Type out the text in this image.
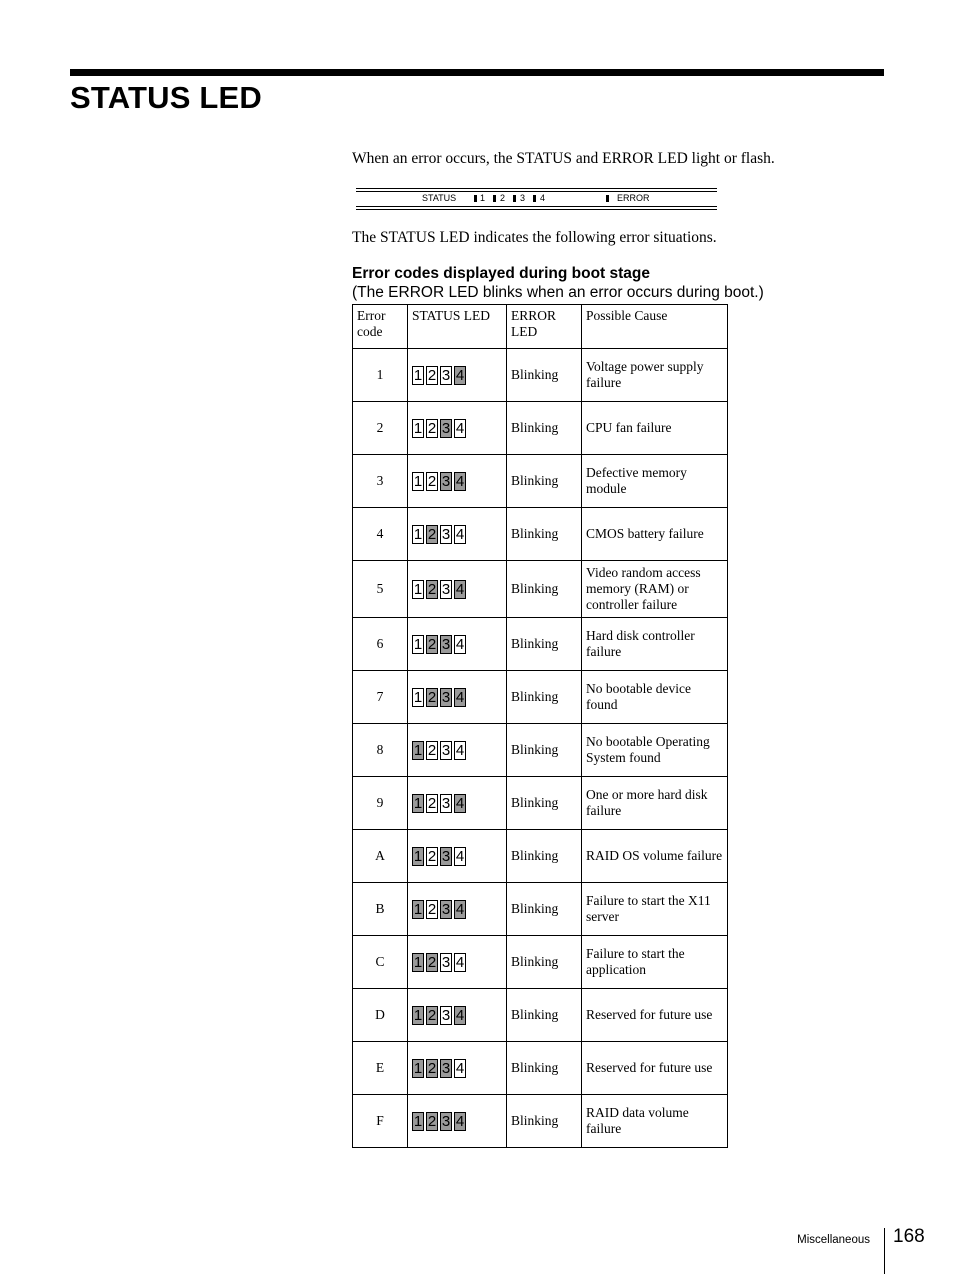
STATUS LED
When an error occurs, the STATUS and ERROR LED light or flash.
STATUS	1 2 3 4	ERROR
The STATUS LED indicates the following error situations.
Error codes displayed during boot stage
(The ERROR LED blinks when an error occurs during boot.)
Error code	STATUS LED	ERROR LED	Possible Cause
1	1 2 3 4	Blinking	Voltage power supply failure
2	1 2 3 4	Blinking	CPU fan failure
3	1 2 3 4	Blinking	Defective memory module
4	1 2 3 4	Blinking	CMOS battery failure
5	1 2 3 4	Blinking	Video random access memory (RAM) or controller failure
6	1 2 3 4	Blinking	Hard disk controller failure
7	1 2 3 4	Blinking	No bootable device found
8	1 2 3 4	Blinking	No bootable Operating System found
9	1 2 3 4	Blinking	One or more hard disk failure
A	1 2 3 4	Blinking	RAID OS volume failure
B	1 2 3 4	Blinking	Failure to start the X11 server
C	1 2 3 4	Blinking	Failure to start the application
D	1 2 3 4	Blinking	Reserved for future use
E	1 2 3 4	Blinking	Reserved for future use
F	1 2 3 4	Blinking	RAID data volume failure
Miscellaneous 168
